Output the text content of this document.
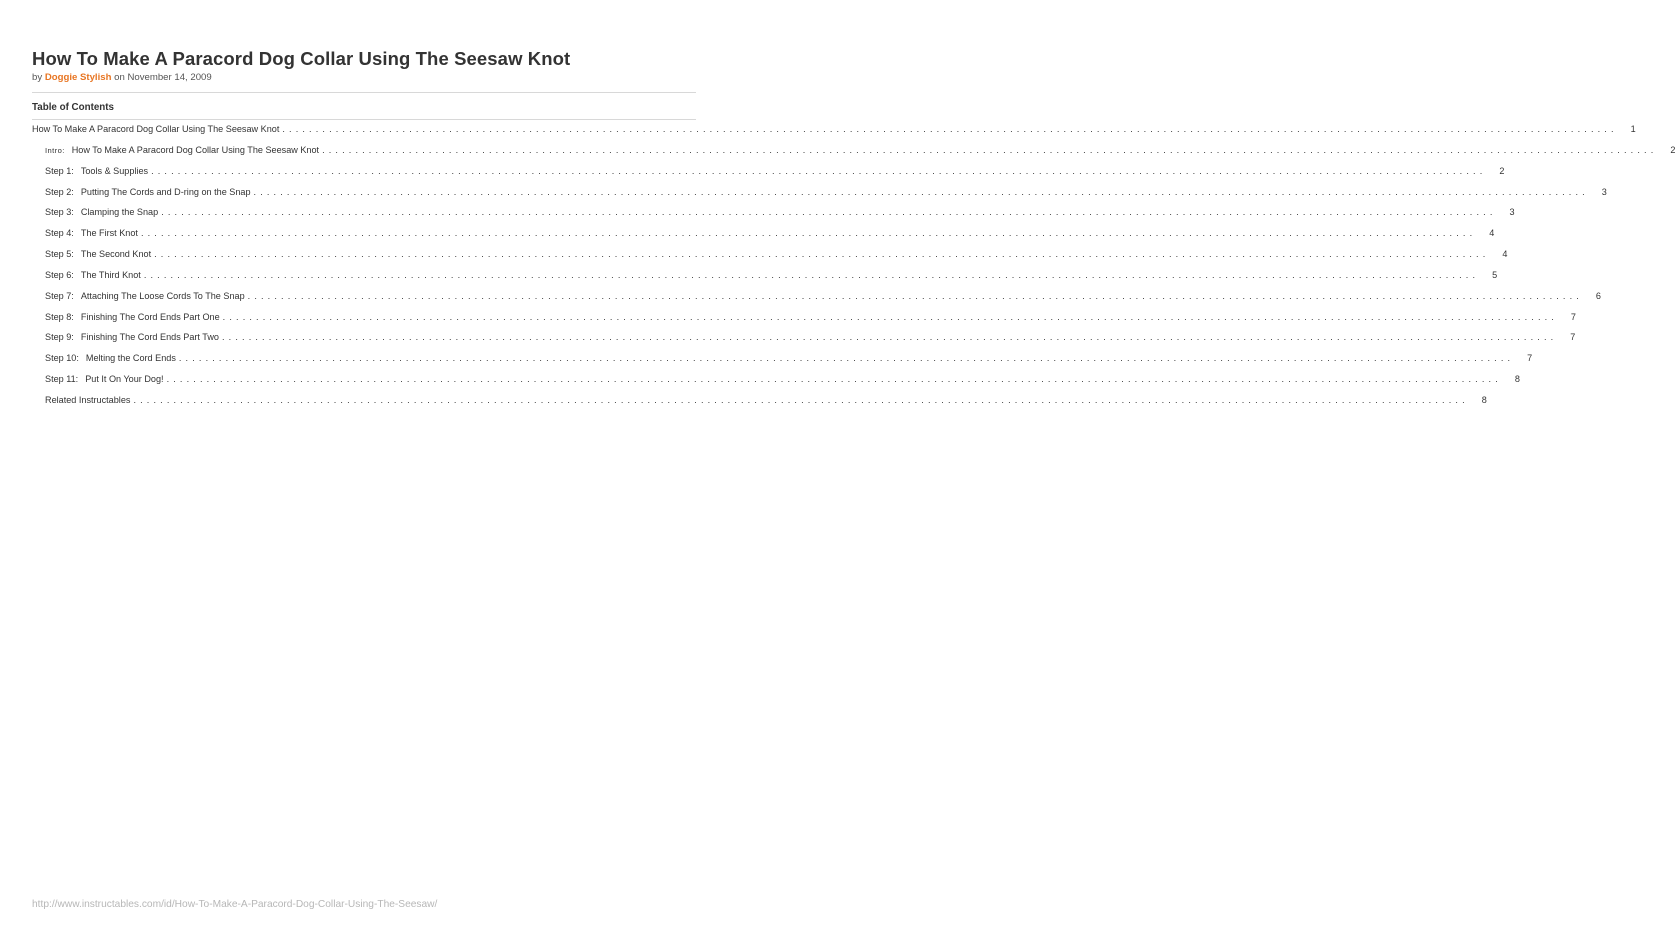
How To Make A Paracord Dog Collar Using The Seesaw Knot
by Doggie Stylish on November 14, 2009
Table of Contents
How To Make A Paracord Dog Collar Using The Seesaw Knot ........................................................................................................................................................................................................	1
Intro: How To Make A Paracord Dog Collar Using The Seesaw Knot ........................................................................................................................................................................................................	2
Step 1: Tools & Supplies ........................................................................................................................................................................................................	2
Step 2: Putting The Cords and D-ring on the Snap ........................................................................................................................................................................................................	3
Step 3: Clamping the Snap ........................................................................................................................................................................................................	3
Step 4: The First Knot ........................................................................................................................................................................................................	4
Step 5: The Second Knot ........................................................................................................................................................................................................	4
Step 6: The Third Knot ........................................................................................................................................................................................................	5
Step 7: Attaching The Loose Cords To The Snap ........................................................................................................................................................................................................	6
Step 8: Finishing The Cord Ends Part One ........................................................................................................................................................................................................	7
Step 9: Finishing The Cord Ends Part Two ........................................................................................................................................................................................................	7
Step 10: Melting the Cord Ends ........................................................................................................................................................................................................	7
Step 11: Put It On Your Dog! ........................................................................................................................................................................................................	8
Related Instructables ........................................................................................................................................................................................................	8
http://www.instructables.com/id/How-To-Make-A-Paracord-Dog-Collar-Using-The-Seesaw/
